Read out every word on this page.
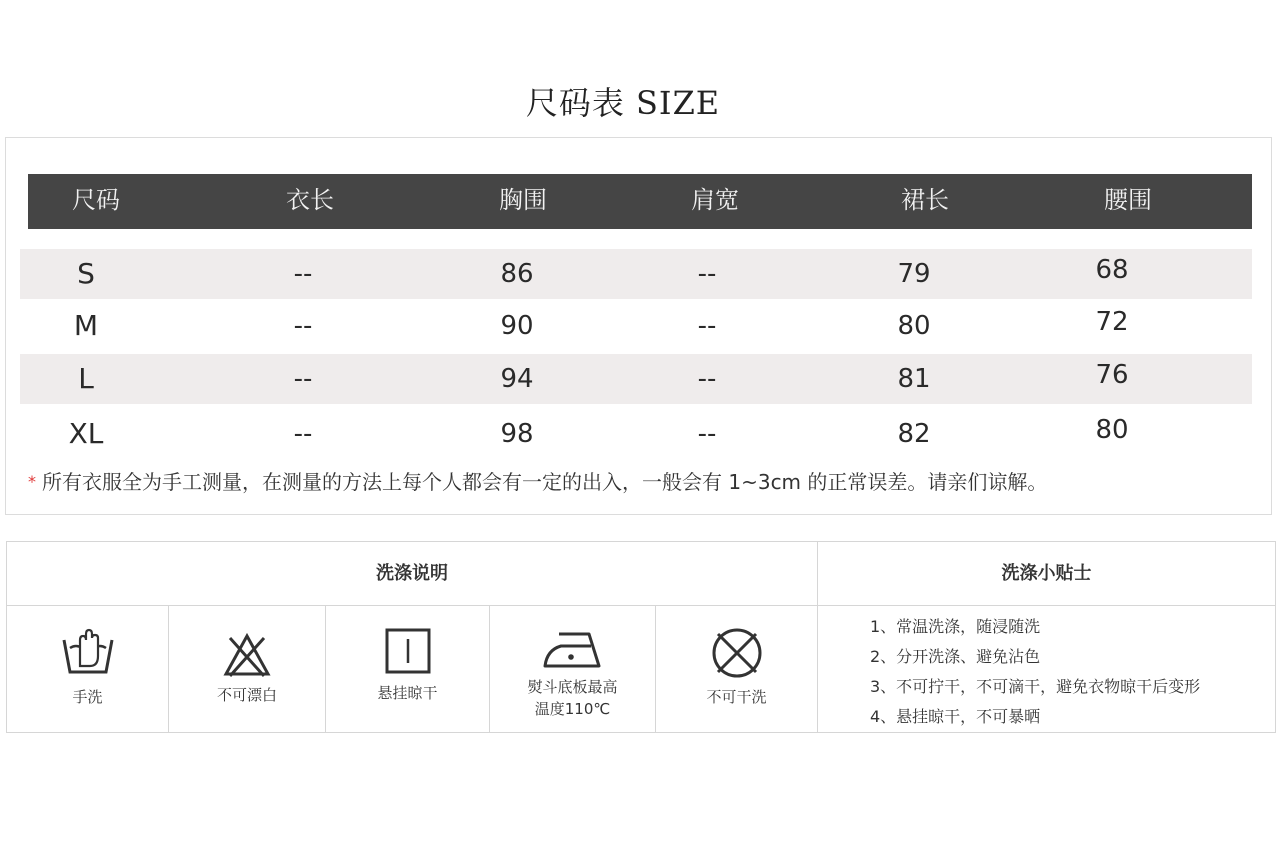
尺码表 SIZE
尺码	衣长	胸围	肩宽	裙长	腰围
S	--	86	--	79	68
M	--	90	--	80	72
L	--	94	--	81	76
XL	--	98	--	82	80
* 所有衣服全为手工测量，在测量的方法上每个人都会有一定的出入，一般会有 1~3cm 的正常误差。请亲们谅解。
洗涤说明	洗涤小贴士
手洗	不可漂白	悬挂晾干	熨斗底板最高
温度110℃
不可干洗
1、常温洗涤，随浸随洗
2、分开洗涤、避免沾色
3、不可拧干，不可滴干，避免衣物晾干后变形
4、悬挂晾干，不可暴晒
